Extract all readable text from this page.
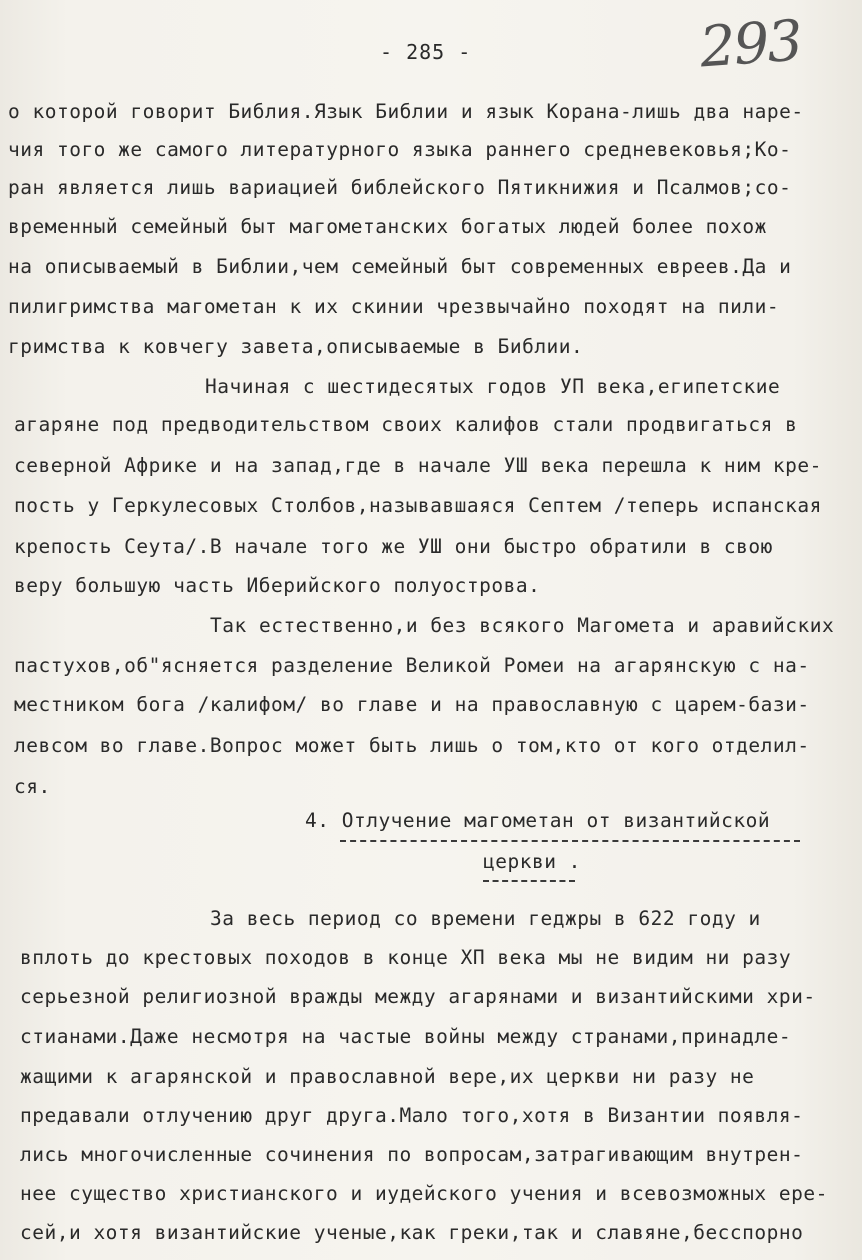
- 285 -	293
о которой говорит Библия.Язык Библии и язык Корана-лишь два наре-
чия того же самого литературного языка раннего средневековья;Ко-
ран является лишь вариацией библейского Пятикнижия и Псалмов;со-
временный семейный быт магометанских богатых людей более похож
на описываемый в Библии,чем семейный быт современных евреев.Да и
пилигримства магометан к их скинии чрезвычайно походят на пили-
гримства к ковчегу завета,описываемые в Библии.
Начиная с шестидесятых годов УП века,египетские
агаряне под предводительством своих калифов стали продвигаться в
северной Африке и на запад,где в начале УШ века перешла к ним кре-
пость у Геркулесовых Столбов,называвшаяся Септем /теперь испанская
крепость Сеута/.В начале того же УШ они быстро обратили в свою
веру большую часть Иберийского полуострова.
Так естественно,и без всякого Магомета и аравийских
пастухов,об"ясняется разделение Великой Ромеи на агарянскую с на-
местником бога /калифом/ во главе и на православную с царем-бази-
левсом во главе.Вопрос может быть лишь о том,кто от кого отделил-
ся.
4. Отлучение магометан от византийской
церкви .
За весь период со времени геджры в 622 году и
вплоть до крестовых походов в конце ХП века мы не видим ни разу
серьезной религиозной вражды между агарянами и византийскими хри-
стианами.Даже несмотря на частые войны между странами,принадле-
жащими к агарянской и православной вере,их церкви ни разу не
предавали отлучению друг друга.Мало того,хотя в Византии появля-
лись многочисленные сочинения по вопросам,затрагивающим внутрен-
нее существо христианского и иудейского учения и всевозможных ере-
сей,и хотя византийские ученые,как греки,так и славяне,бесспорно
